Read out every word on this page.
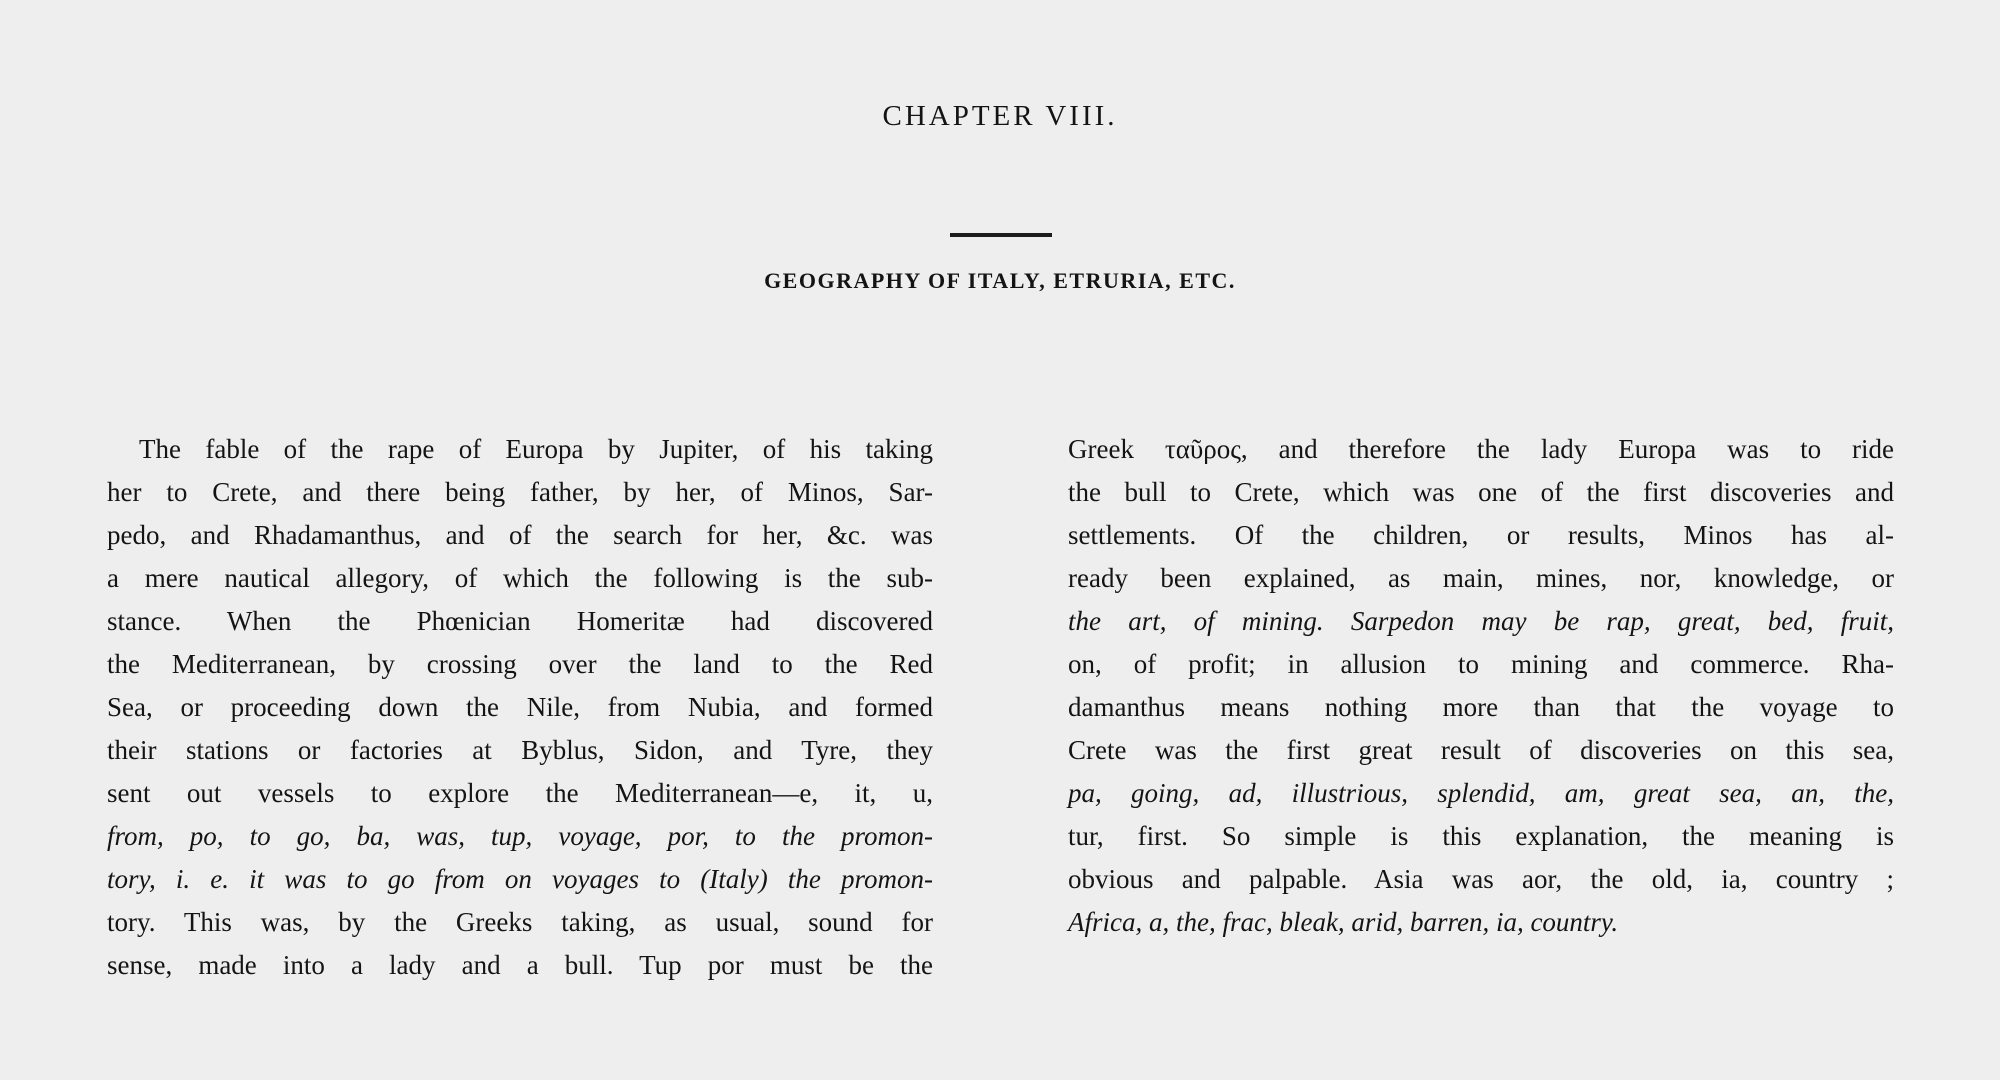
CHAPTER VIII.
GEOGRAPHY OF ITALY, ETRURIA, ETC.
The fable of the rape of Europa by Jupiter, of his taking
her to Crete, and there being father, by her, of Minos, Sar-
pedo, and Rhadamanthus, and of the search for her, &c. was
a mere nautical allegory, of which the following is the sub-
stance. When the Phœnician Homeritæ had discovered
the Mediterranean, by crossing over the land to the Red
Sea, or proceeding down the Nile, from Nubia, and formed
their stations or factories at Byblus, Sidon, and Tyre, they
sent out vessels to explore the Mediterranean—e, it, u,
from, po, to go, ba, was, tup, voyage, por, to the promon-
tory, i. e. it was to go from on voyages to (Italy) the promon-
tory. This was, by the Greeks taking, as usual, sound for
sense, made into a lady and a bull. Tup por must be the
Greek ταῦρος, and therefore the lady Europa was to ride
the bull to Crete, which was one of the first discoveries and
settlements. Of the children, or results, Minos has al-
ready been explained, as main, mines, nor, knowledge, or
the art, of mining. Sarpedon may be rap, great, bed, fruit,
on, of profit; in allusion to mining and commerce. Rha-
damanthus means nothing more than that the voyage to
Crete was the first great result of discoveries on this sea,
pa, going, ad, illustrious, splendid, am, great sea, an, the,
tur, first. So simple is this explanation, the meaning is
obvious and palpable. Asia was aor, the old, ia, country ;
Africa, a, the, frac, bleak, arid, barren, ia, country.
